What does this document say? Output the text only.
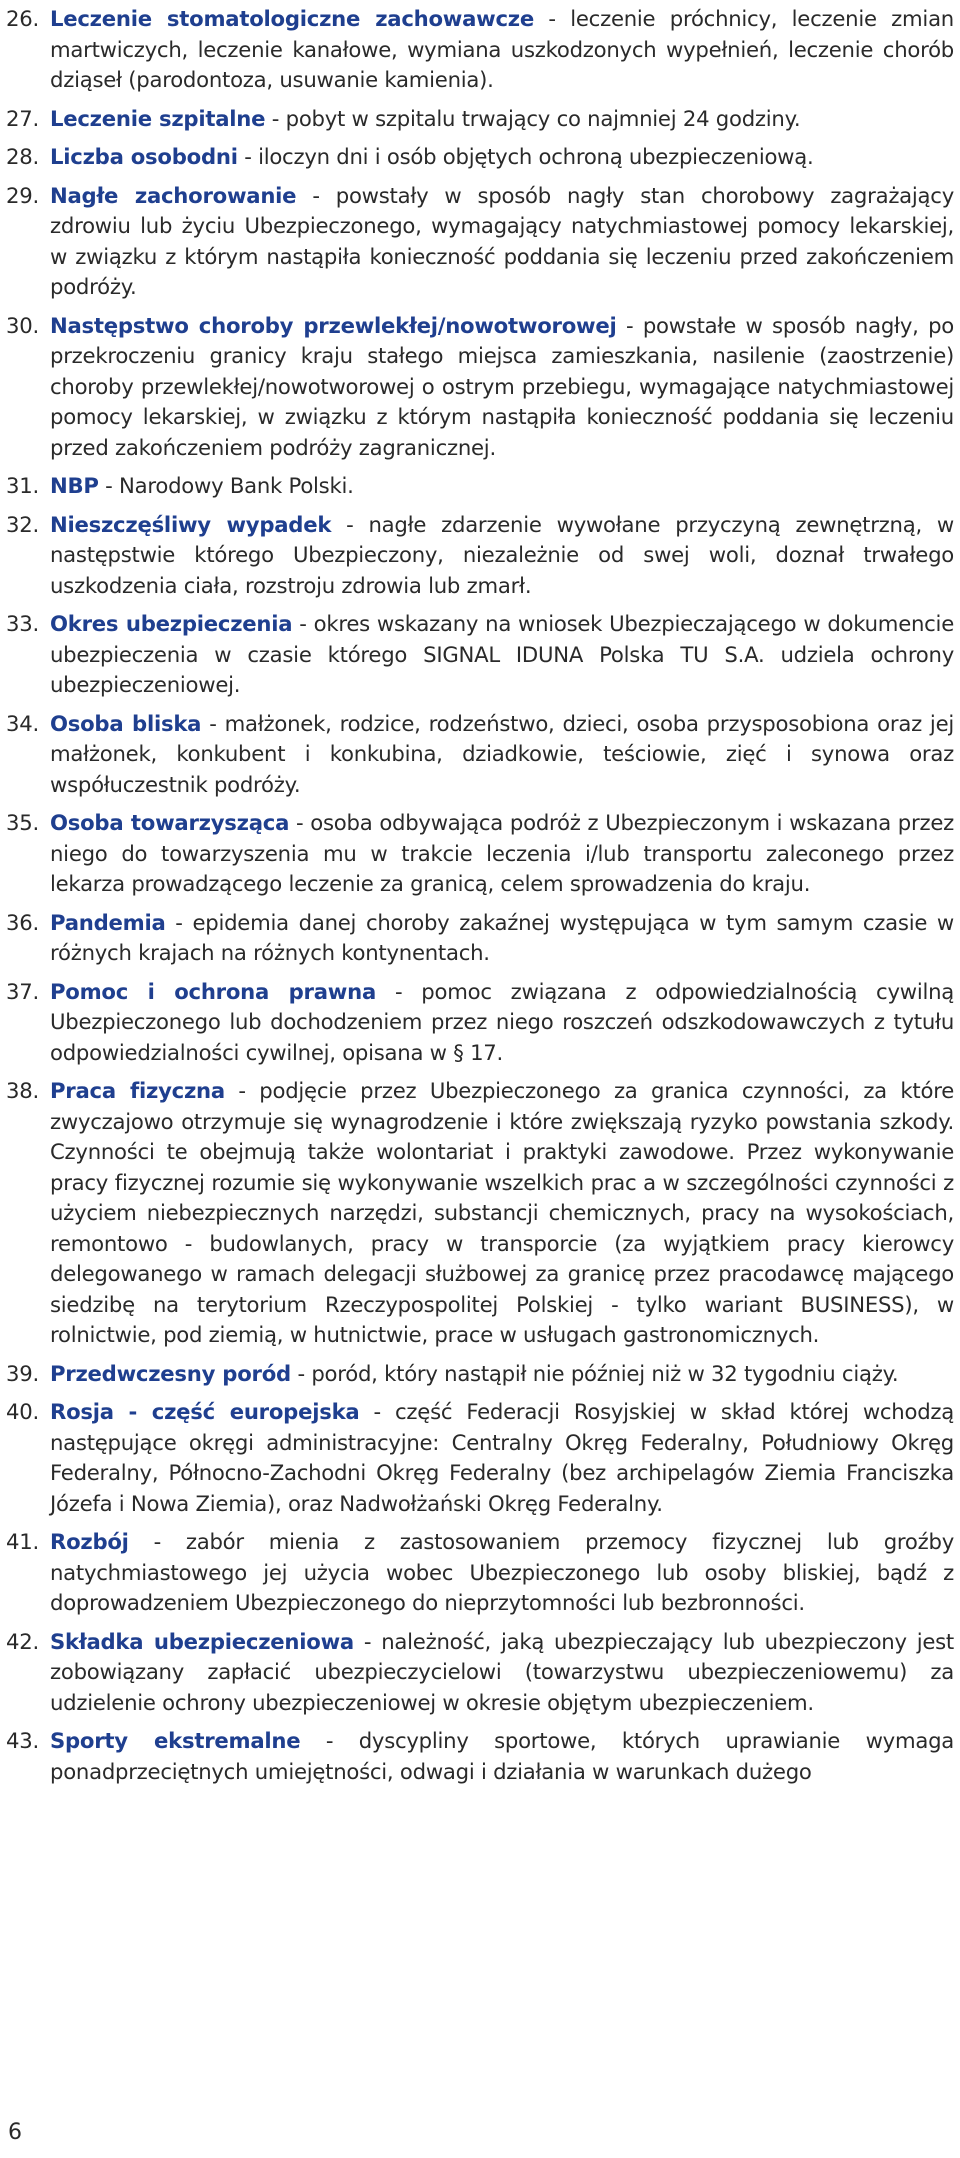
26. Leczenie stomatologiczne zachowawcze - leczenie próchnicy, leczenie zmian martwiczych, leczenie kanałowe, wymiana uszkodzonych wypełnień, leczenie chorób dziąseł (parodontoza, usuwanie kamienia).
27. Leczenie szpitalne - pobyt w szpitalu trwający co najmniej 24 godziny.
28. Liczba osobodni - iloczyn dni i osób objętych ochroną ubezpieczeniową.
29. Nagłe zachorowanie - powstały w sposób nagły stan chorobowy zagrażający zdrowiu lub życiu Ubezpieczonego, wymagający natychmiastowej pomocy lekarskiej, w związku z którym nastąpiła konieczność poddania się leczeniu przed zakończeniem podróży.
30. Następstwo choroby przewlekłej/nowotworowej - powstałe w sposób nagły, po przekroczeniu granicy kraju stałego miejsca zamieszkania, nasilenie (zaostrzenie) choroby przewlekłej/nowotworowej o ostrym przebiegu, wymagające natychmiastowej pomocy lekarskiej, w związku z którym nastąpiła konieczność poddania się leczeniu przed zakończeniem podróży zagranicznej.
31. NBP - Narodowy Bank Polski.
32. Nieszczęśliwy wypadek - nagłe zdarzenie wywołane przyczyną zewnętrzną, w następstwie którego Ubezpieczony, niezależnie od swej woli, doznał trwałego uszkodzenia ciała, rozstroju zdrowia lub zmarł.
33. Okres ubezpieczenia - okres wskazany na wniosek Ubezpieczającego w dokumencie ubezpieczenia w czasie którego SIGNAL IDUNA Polska TU S.A. udziela ochrony ubezpieczeniowej.
34. Osoba bliska - małżonek, rodzice, rodzeństwo, dzieci, osoba przysposobiona oraz jej małżonek, konkubent i konkubina, dziadkowie, teściowie, zięć i synowa oraz współuczestnik podróży.
35. Osoba towarzysząca - osoba odbywająca podróż z Ubezpieczonym i wskazana przez niego do towarzyszenia mu w trakcie leczenia i/lub transportu zaleconego przez lekarza prowadzącego leczenie za granicą, celem sprowadzenia do kraju.
36. Pandemia - epidemia danej choroby zakaźnej występująca w tym samym czasie w różnych krajach na różnych kontynentach.
37. Pomoc i ochrona prawna - pomoc związana z odpowiedzialnością cywilną Ubezpieczonego lub dochodzeniem przez niego roszczeń odszkodowawczych z tytułu odpowiedzialności cywilnej, opisana w § 17.
38. Praca fizyczna - podjęcie przez Ubezpieczonego za granica czynności, za które zwyczajowo otrzymuje się wynagrodzenie i które zwiększają ryzyko powstania szkody. Czynności te obejmują także wolontariat i praktyki zawodowe. Przez wykonywanie pracy fizycznej rozumie się wykonywanie wszelkich prac a w szczególności czynności z użyciem niebezpiecznych narzędzi, substancji chemicznych, pracy na wysokościach, remontowo - budowlanych, pracy w transporcie (za wyjątkiem pracy kierowcy delegowanego w ramach delegacji służbowej za granicę przez pracodawcę mającego siedzibę na terytorium Rzeczypospolitej Polskiej - tylko wariant BUSINESS), w rolnictwie, pod ziemią, w hutnictwie, prace w usługach gastronomicznych.
39. Przedwczesny poród - poród, który nastąpił nie później niż w 32 tygodniu ciąży.
40. Rosja - część europejska - część Federacji Rosyjskiej w skład której wchodzą następujące okręgi administracyjne: Centralny Okręg Federalny, Południowy Okręg Federalny, Północno-Zachodni Okręg Federalny (bez archipelagów Ziemia Franciszka Józefa i Nowa Ziemia), oraz Nadwołżański Okręg Federalny.
41. Rozbój - zabór mienia z zastosowaniem przemocy fizycznej lub groźby natychmiastowego jej użycia wobec Ubezpieczonego lub osoby bliskiej, bądź z doprowadzeniem Ubezpieczonego do nieprzytomności lub bezbronności.
42. Składka ubezpieczeniowa - należność, jaką ubezpieczający lub ubezpieczony jest zobowiązany zapłacić ubezpieczycielowi (towarzystwu ubezpieczeniowemu) za udzielenie ochrony ubezpieczeniowej w okresie objętym ubezpieczeniem.
43. Sporty ekstremalne - dyscypliny sportowe, których uprawianie wymaga ponadprzeciętnych umiejętności, odwagi i działania w warunkach dużego
6
